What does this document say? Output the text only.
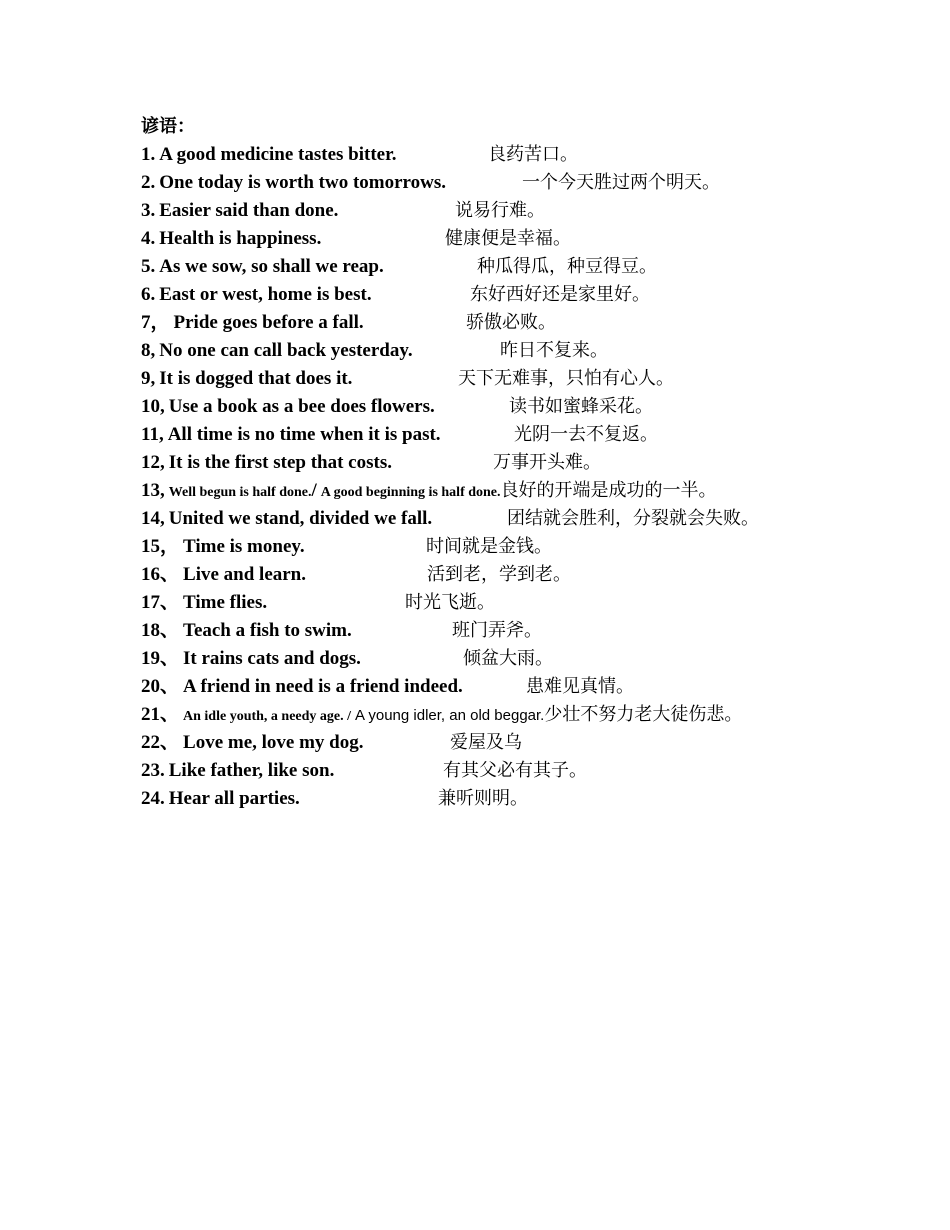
谚语：
1. A good medicine tastes bitter.	良药苦口。
2. One today is worth two tomorrows.	一个今天胜过两个明天。
3. Easier said than done.	说易行难。
4. Health is happiness.	健康便是幸福。
5. As we sow, so shall we reap.	种瓜得瓜，种豆得豆。
6. East or west, home is best.	东好西好还是家里好。
7， Pride goes before a fall.	骄傲必败。
8, No one can call back yesterday.	昨日不复来。
9, It is dogged that does it.	天下无难事，只怕有心人。
10, Use a book as a bee does flowers.	读书如蜜蜂采花。
11, All time is no time when it is past.	光阴一去不复返。
12, It is the first step that costs.	万事开头难。
13, Well begun is half done./ A good beginning is half done.良好的开端是成功的一半。
14, United we stand, divided we fall.	团结就会胜利，分裂就会失败。
15， Time is money.	时间就是金钱。
16、 Live and learn.	活到老，学到老。
17、 Time flies.	时光飞逝。
18、 Teach a fish to swim.	班门弄斧。
19、 It rains cats and dogs.	倾盆大雨。
20、 A friend in need is a friend indeed.	患难见真情。
21、 An idle youth, a needy age. / A young idler, an old beggar.少壮不努力老大徒伤悲。
22、 Love me, love my dog.	爱屋及乌
23. Like father, like son.	有其父必有其子。
24. Hear all parties.	兼听则明。
